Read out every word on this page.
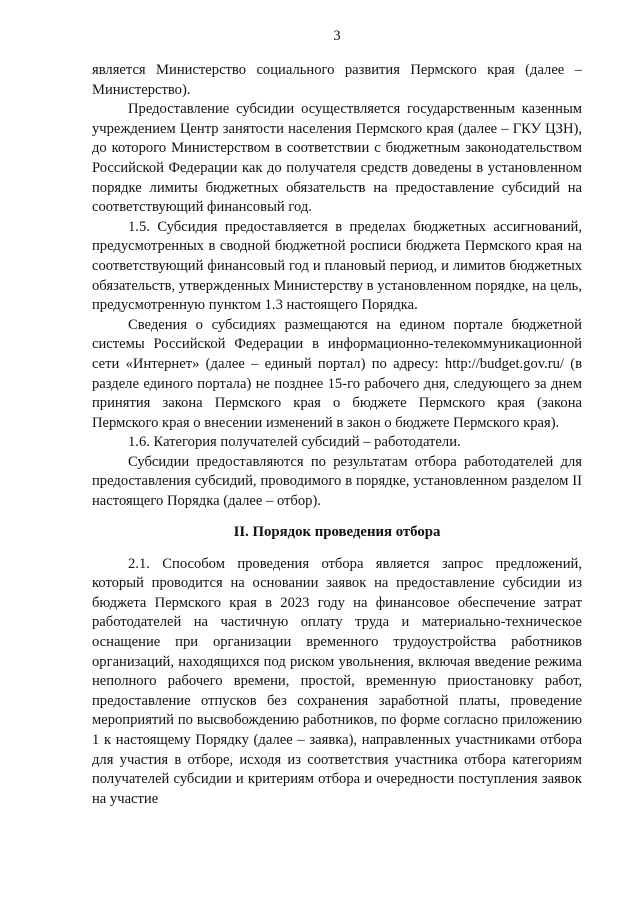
3

является Министерство социального развития Пермского края (далее – Министерство).

Предоставление субсидии осуществляется государственным казенным учреждением Центр занятости населения Пермского края (далее – ГКУ ЦЗН), до которого Министерством в соответствии с бюджетным законодательством Российской Федерации как до получателя средств доведены в установленном порядке лимиты бюджетных обязательств на предоставление субсидий на соответствующий финансовый год.

1.5. Субсидия предоставляется в пределах бюджетных ассигнований, предусмотренных в сводной бюджетной росписи бюджета Пермского края на соответствующий финансовый год и плановый период, и лимитов бюджетных обязательств, утвержденных Министерству в установленном порядке, на цель, предусмотренную пунктом 1.3 настоящего Порядка.

Сведения о субсидиях размещаются на едином портале бюджетной системы Российской Федерации в информационно-телекоммуникационной сети «Интернет» (далее – единый портал) по адресу: http://budget.gov.ru/ (в разделе единого портала) не позднее 15-го рабочего дня, следующего за днем принятия закона Пермского края о бюджете Пермского края (закона Пермского края о внесении изменений в закон о бюджете Пермского края).

1.6. Категория получателей субсидий – работодатели.

Субсидии предоставляются по результатам отбора работодателей для предоставления субсидий, проводимого в порядке, установленном разделом II настоящего Порядка (далее – отбор).

II. Порядок проведения отбора

2.1. Способом проведения отбора является запрос предложений, который проводится на основании заявок на предоставление субсидии из бюджета Пермского края в 2023 году на финансовое обеспечение затрат работодателей на частичную оплату труда и материально-техническое оснащение при организации временного трудоустройства работников организаций, находящихся под риском увольнения, включая введение режима неполного рабочего времени, простой, временную приостановку работ, предоставление отпусков без сохранения заработной платы, проведение мероприятий по высвобождению работников, по форме согласно приложению 1 к настоящему Порядку (далее – заявка), направленных участниками отбора для участия в отборе, исходя из соответствия участника отбора категориям получателей субсидии и критериям отбора и очередности поступления заявок на участие
